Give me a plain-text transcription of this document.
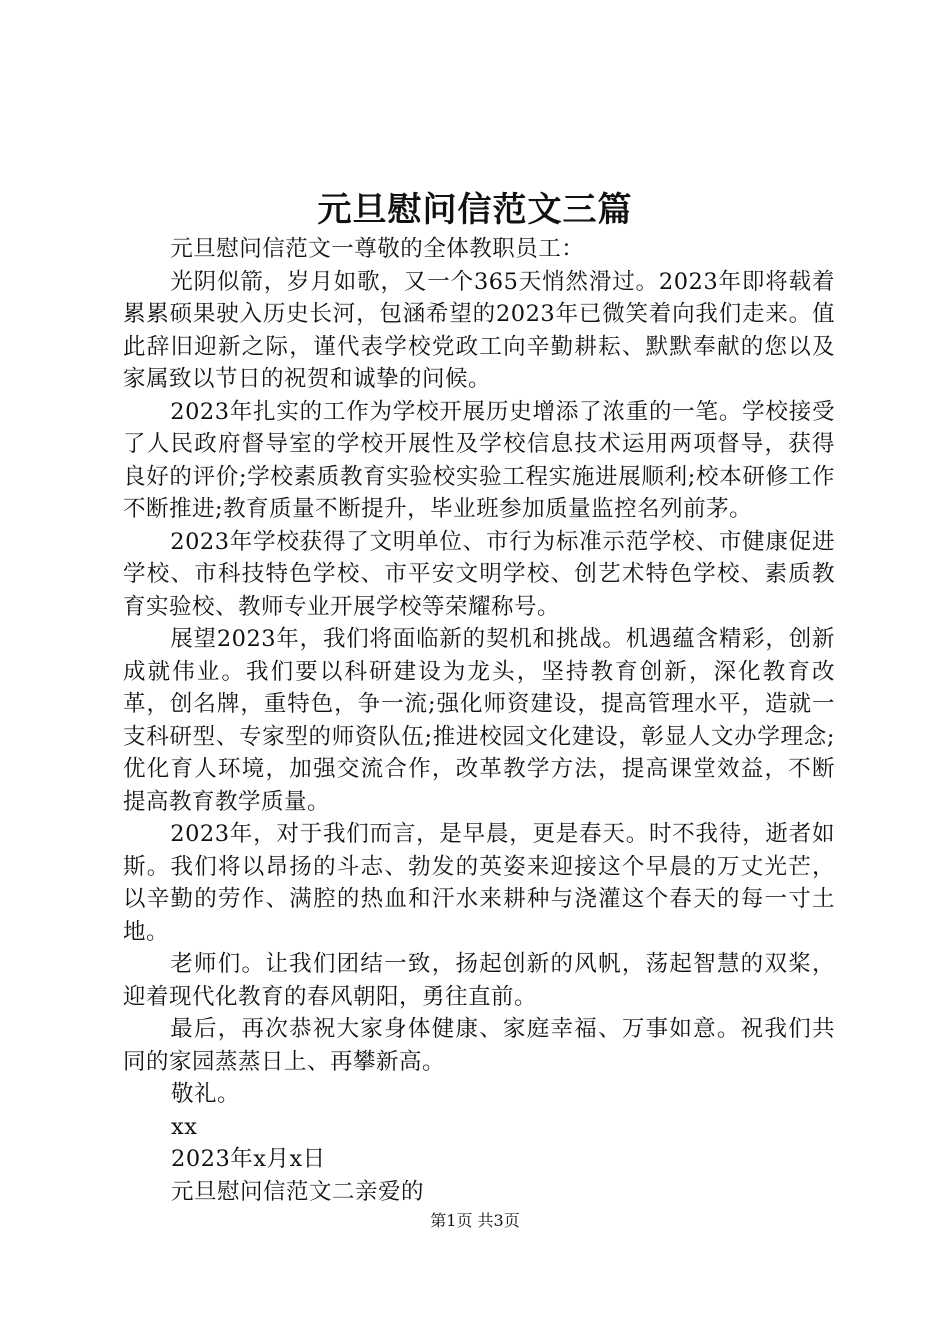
元旦慰问信范文三篇

元旦慰问信范文一尊敬的全体教职员工：

光阴似箭，岁月如歌，又一个365天悄然滑过。2023年即将载着累累硕果驶入历史长河，包涵希望的2023年已微笑着向我们走来。值此辞旧迎新之际，谨代表学校党政工向辛勤耕耘、默默奉献的您以及家属致以节日的祝贺和诚挚的问候。

2023年扎实的工作为学校开展历史增添了浓重的一笔。学校接受了人民政府督导室的学校开展性及学校信息技术运用两项督导，获得良好的评价;学校素质教育实验校实验工程实施进展顺利;校本研修工作不断推进;教育质量不断提升，毕业班参加质量监控名列前茅。

2023年学校获得了文明单位、市行为标准示范学校、市健康促进学校、市科技特色学校、市平安文明学校、创艺术特色学校、素质教育实验校、教师专业开展学校等荣耀称号。

展望2023年，我们将面临新的契机和挑战。机遇蕴含精彩，创新成就伟业。我们要以科研建设为龙头，坚持教育创新，深化教育改革，创名牌，重特色，争一流;强化师资建设，提高管理水平，造就一支科研型、专家型的师资队伍;推进校园文化建设，彰显人文办学理念;优化育人环境，加强交流合作，改革教学方法，提高课堂效益，不断提高教育教学质量。

2023年，对于我们而言，是早晨，更是春天。时不我待，逝者如斯。我们将以昂扬的斗志、勃发的英姿来迎接这个早晨的万丈光芒，以辛勤的劳作、满腔的热血和汗水来耕种与浇灌这个春天的每一寸土地。

老师们。让我们团结一致，扬起创新的风帆，荡起智慧的双桨，迎着现代化教育的春风朝阳，勇往直前。

最后，再次恭祝大家身体健康、家庭幸福、万事如意。祝我们共同的家园蒸蒸日上、再攀新高。

敬礼。

xx

2023年x月x日

元旦慰问信范文二亲爱的

第1页 共3页
